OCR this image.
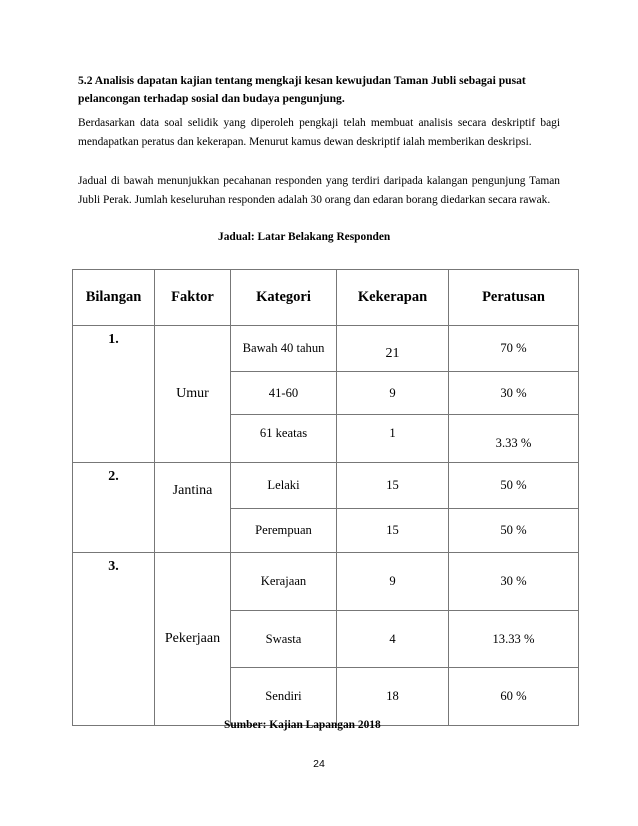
5.2 Analisis dapatan kajian tentang mengkaji kesan kewujudan Taman Jubli sebagai pusat pelancongan terhadap sosial dan budaya pengunjung.
Berdasarkan data soal selidik yang diperoleh pengkaji telah membuat analisis secara deskriptif bagi mendapatkan peratus dan kekerapan. Menurut kamus dewan deskriptif ialah memberikan deskripsi.
Jadual di bawah menunjukkan pecahanan responden yang terdiri daripada kalangan pengunjung Taman Jubli Perak. Jumlah keseluruhan responden adalah 30 orang dan edaran borang diedarkan secara rawak.
Jadual: Latar Belakang Responden
Bilangan	Faktor	Kategori	Kekerapan	Peratusan
1.	Umur	Bawah 40 tahun	21	70 %
		41-60	9	30 %
		61 keatas	1	3.33 %
2.	Jantina	Lelaki	15	50 %
		Perempuan	15	50 %
3.	Pekerjaan	Kerajaan	9	30 %
		Swasta	4	13.33 %
		Sendiri	18	60 %
Sumber: Kajian Lapangan 2018
24
